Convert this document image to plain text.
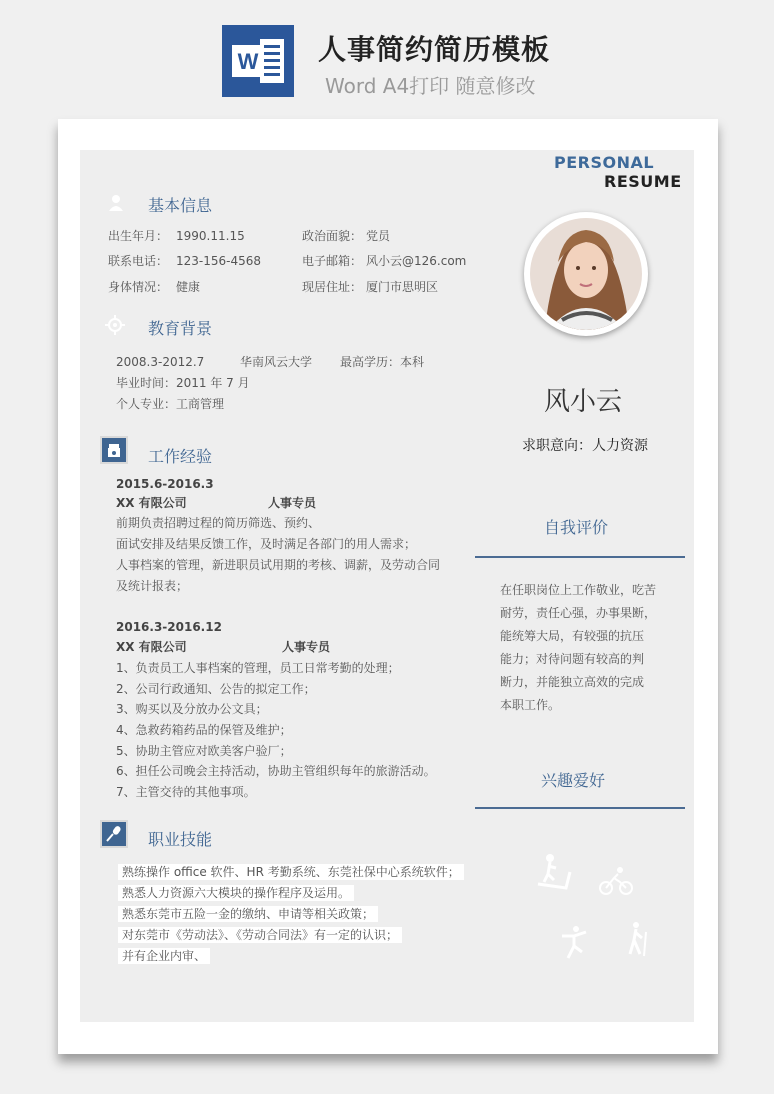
W 人事简约简历模板
Word A4打印 随意修改
PERSONAL
RESUME
基本信息
出生年月： 1990.11.15	政治面貌： 党员
联系电话： 123-156-4568	电子邮箱： 风小云@126.com
身体情况： 健康	现居住址： 厦门市思明区
教育背景
2008.3-2012.7	华南风云大学 最高学历：本科
毕业时间：2011 年 7 月
个人专业：工商管理
工作经验
2015.6-2016.3
XX 有限公司	人事专员
前期负责招聘过程的简历筛选、预约、
面试安排及结果反馈工作，及时满足各部门的用人需求；
人事档案的管理，新进职员试用期的考核、调薪，及劳动合同
及统计报表；
2016.3-2016.12
XX 有限公司	人事专员
1、负责员工人事档案的管理，员工日常考勤的处理；
2、公司行政通知、公告的拟定工作；
3、购买以及分放办公文具；
4、急救药箱药品的保管及维护；
5、协助主管应对欧美客户验厂；
6、担任公司晚会主持活动，协助主管组织每年的旅游活动。
7、主管交待的其他事项。
职业技能
熟练操作 office 软件、HR 考勤系统、东莞社保中心系统软件；
熟悉人力资源六大模块的操作程序及运用。
熟悉东莞市五险一金的缴纳、申请等相关政策；
对东莞市《劳动法》、《劳动合同法》有一定的认识；
并有企业内审、
风小云
求职意向：人力资源
自我评价
在任职岗位上工作敬业，吃苦
耐劳，责任心强，办事果断，
能统筹大局，有较强的抗压
能力；对待问题有较高的判
断力，并能独立高效的完成
本职工作。
兴趣爱好
